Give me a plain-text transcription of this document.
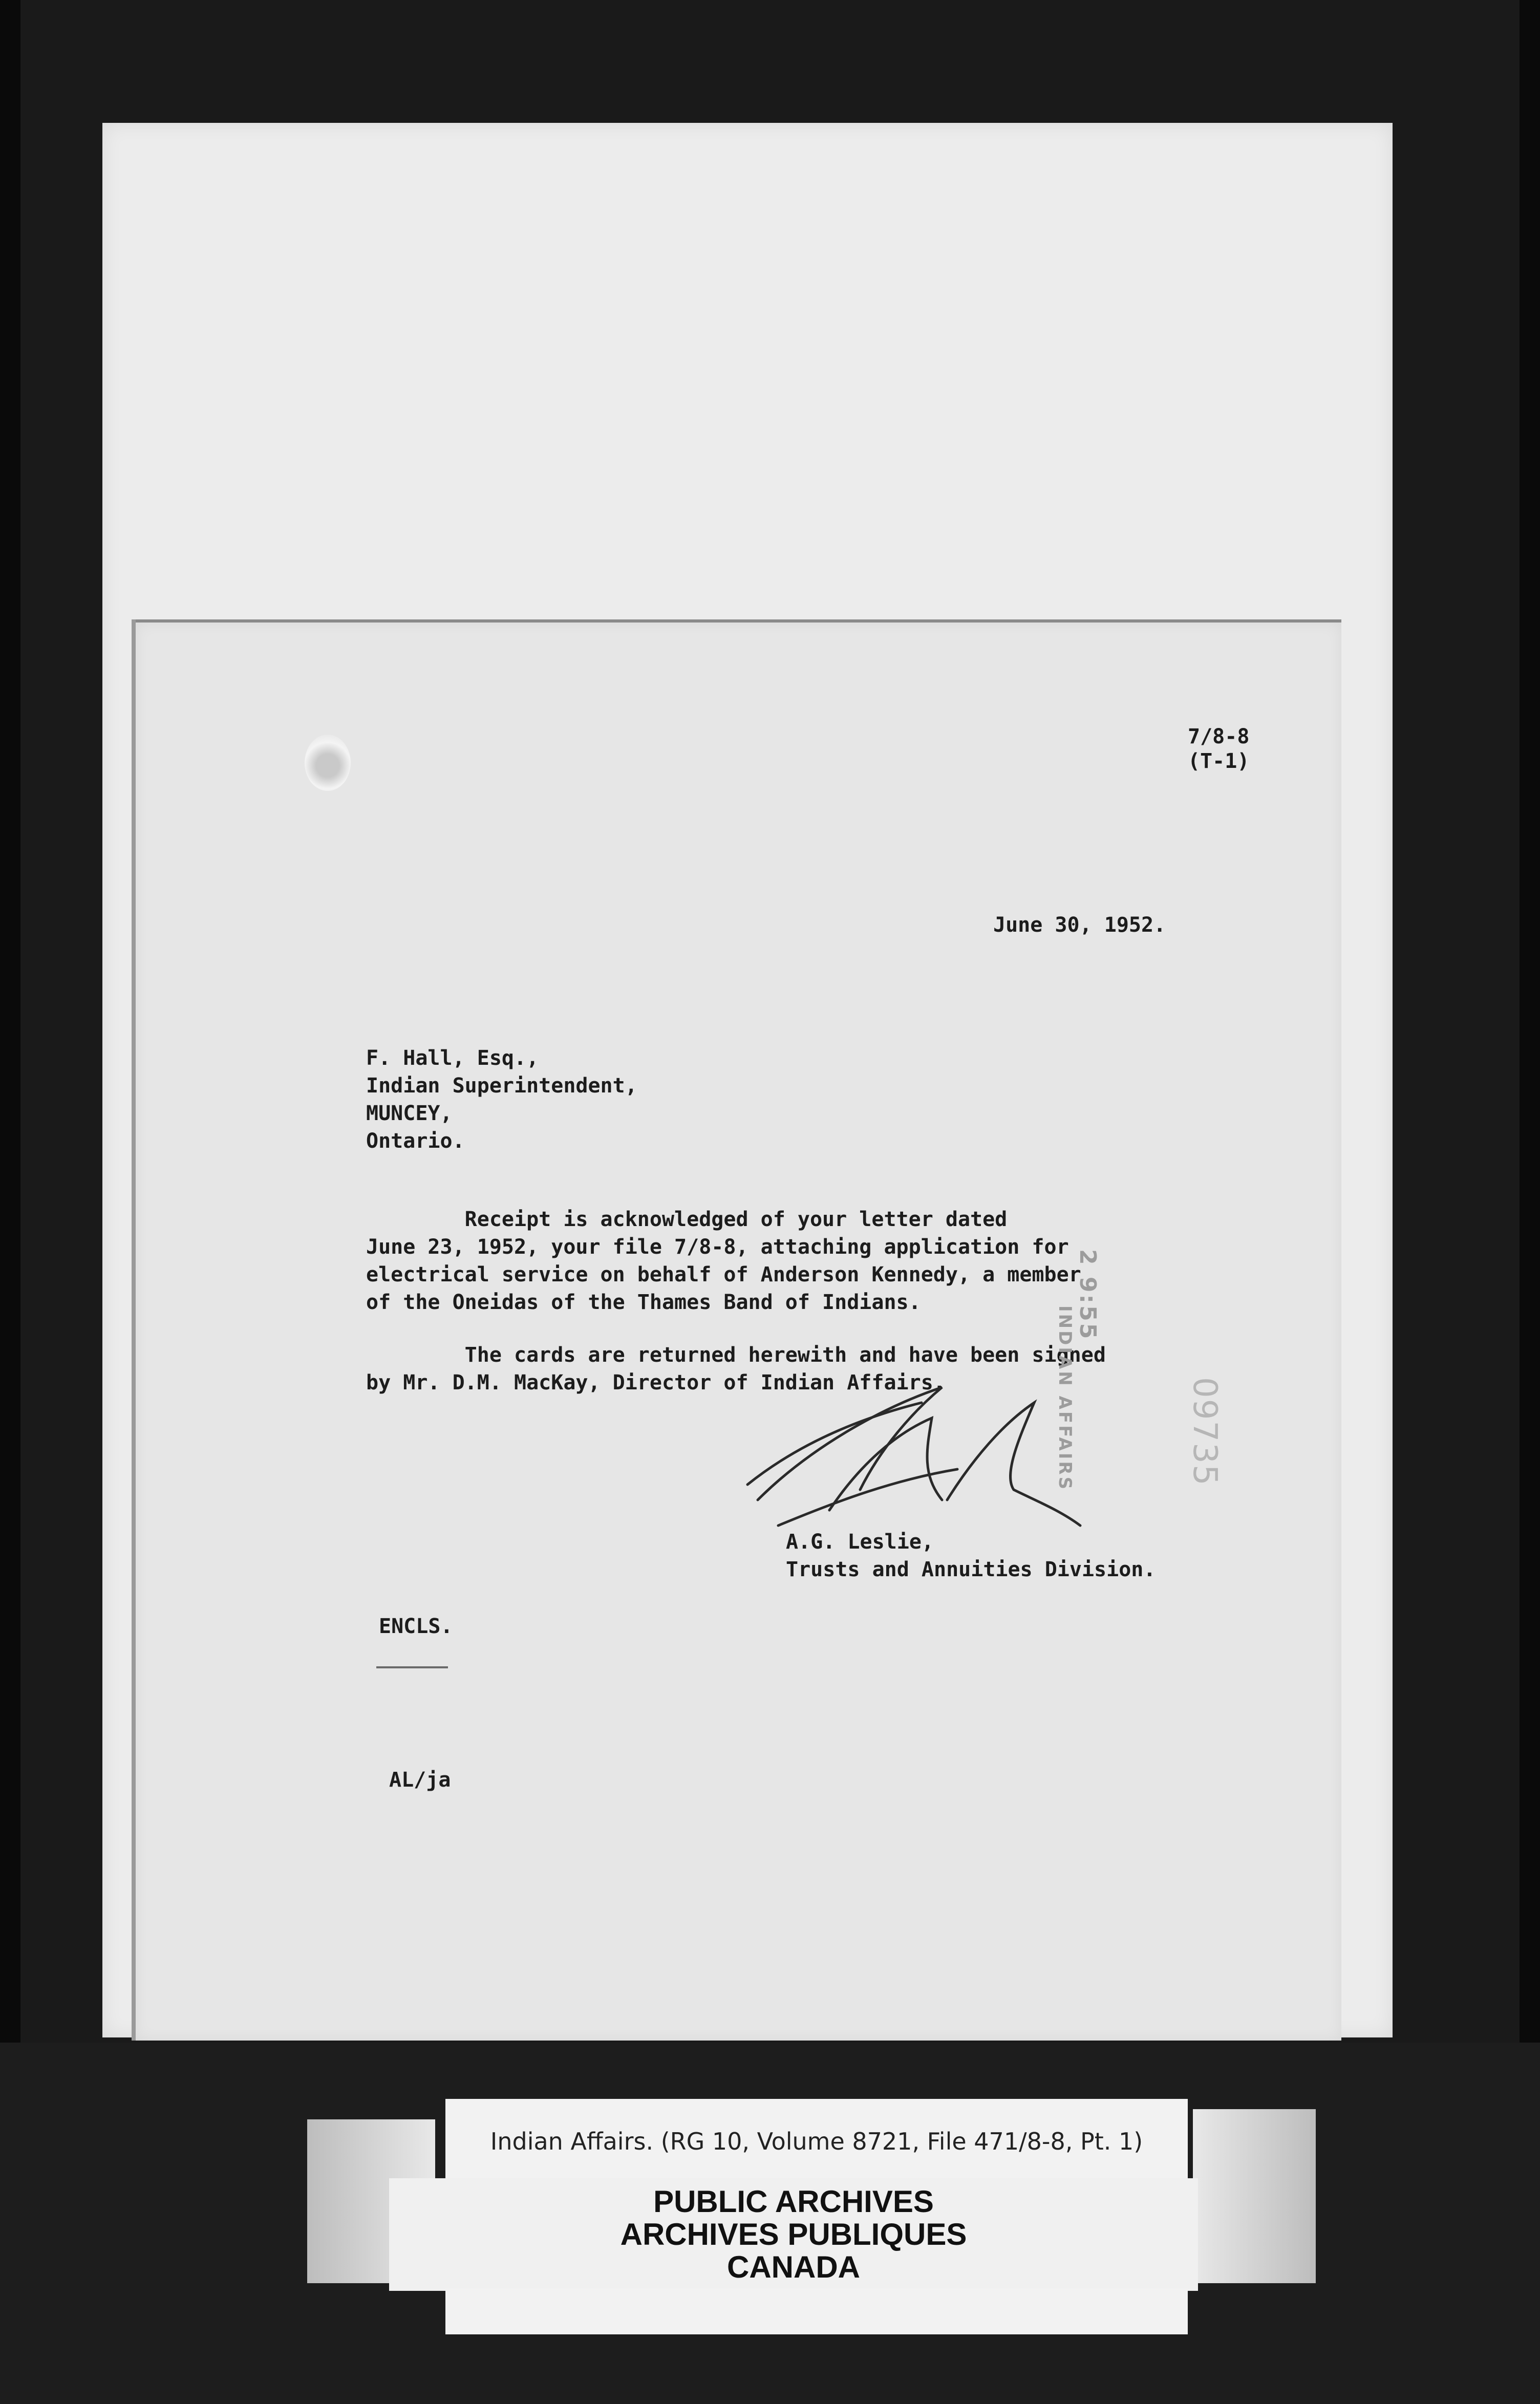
7/8-8
(T-1)
June 30, 1952.
F. Hall, Esq.,
Indian Superintendent,
MUNCEY,
Ontario.
Receipt is acknowledged of your letter dated
June 23, 1952, your file 7/8-8, attaching application for
electrical service on behalf of Anderson Kennedy, a member
of the Oneidas of the Thames Band of Indians.
The cards are returned herewith and have been signed
by Mr. D.M. MacKay, Director of Indian Affairs.
2 9:55
INDIAN AFFAIRS	09735
A.G. Leslie,
Trusts and Annuities Division.
ENCLS.
AL/ja
Indian Affairs. (RG 10, Volume 8721, File 471/8-8, Pt. 1)
PUBLIC ARCHIVES
ARCHIVES PUBLIQUES
CANADA
